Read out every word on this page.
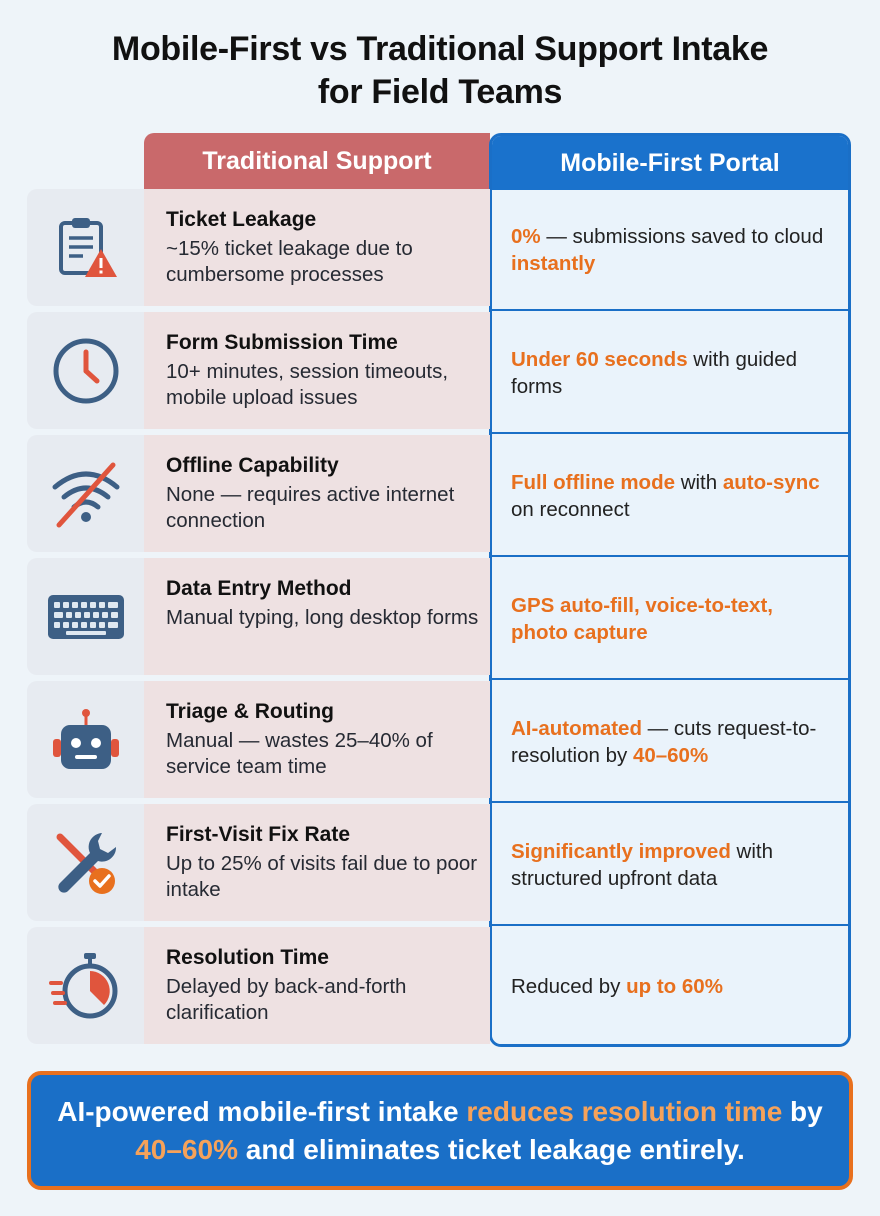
Mobile-First vs Traditional Support Intake
for Field Teams
Traditional Support	Mobile-First Portal

0% — submissions saved to cloud instantly

Under 60 seconds with guided forms

Full offline mode with auto-sync on reconnect

GPS auto-fill, voice-to-text, photo capture

AI-automated — cuts request-to-resolution by 40–60%

Significantly improved with structured upfront data

Reduced by up to 60%

Ticket Leakage
~15% ticket leakage due to cumbersome processes
Form Submission Time
10+ minutes, session timeouts, mobile upload issues
Offline Capability
None — requires active internet connection
Data Entry Method
Manual typing, long desktop forms
Triage & Routing
Manual — wastes 25–40% of service team time
First-Visit Fix Rate
Up to 25% of visits fail due to poor intake
Resolution Time
Delayed by back-and-forth clarification

AI-powered mobile-first intake reduces resolution time by 40–60% and eliminates ticket leakage entirely.
